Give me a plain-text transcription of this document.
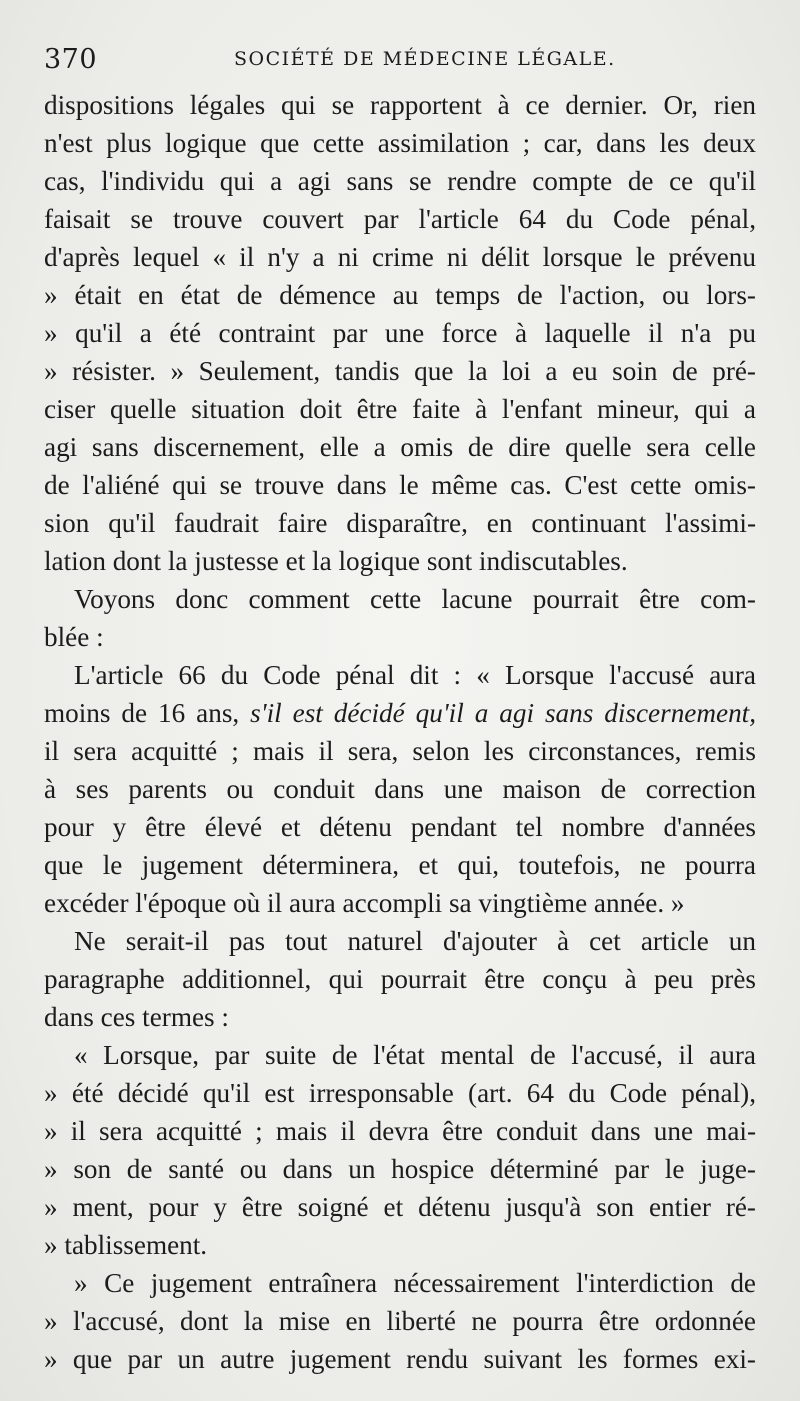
370	SOCIÉTÉ DE MÉDECINE LÉGALE.
dispositions légales qui se rapportent à ce dernier. Or, rien
n'est plus logique que cette assimilation ; car, dans les deux
cas, l'individu qui a agi sans se rendre compte de ce qu'il
faisait se trouve couvert par l'article 64 du Code pénal,
d'après lequel « il n'y a ni crime ni délit lorsque le prévenu
» était en état de démence au temps de l'action, ou lors-
» qu'il a été contraint par une force à laquelle il n'a pu
» résister. » Seulement, tandis que la loi a eu soin de pré-
ciser quelle situation doit être faite à l'enfant mineur, qui a
agi sans discernement, elle a omis de dire quelle sera celle
de l'aliéné qui se trouve dans le même cas. C'est cette omis-
sion qu'il faudrait faire disparaître, en continuant l'assimi-
lation dont la justesse et la logique sont indiscutables.
Voyons donc comment cette lacune pourrait être com-
blée :
L'article 66 du Code pénal dit : « Lorsque l'accusé aura
moins de 16 ans, s'il est décidé qu'il a agi sans discernement,
il sera acquitté ; mais il sera, selon les circonstances, remis
à ses parents ou conduit dans une maison de correction
pour y être élevé et détenu pendant tel nombre d'années
que le jugement déterminera, et qui, toutefois, ne pourra
excéder l'époque où il aura accompli sa vingtième année. »
Ne serait-il pas tout naturel d'ajouter à cet article un
paragraphe additionnel, qui pourrait être conçu à peu près
dans ces termes :
« Lorsque, par suite de l'état mental de l'accusé, il aura
» été décidé qu'il est irresponsable (art. 64 du Code pénal),
» il sera acquitté ; mais il devra être conduit dans une mai-
» son de santé ou dans un hospice déterminé par le juge-
» ment, pour y être soigné et détenu jusqu'à son entier ré-
» tablissement.
» Ce jugement entraînera nécessairement l'interdiction de
» l'accusé, dont la mise en liberté ne pourra être ordonnée
» que par un autre jugement rendu suivant les formes exi-
